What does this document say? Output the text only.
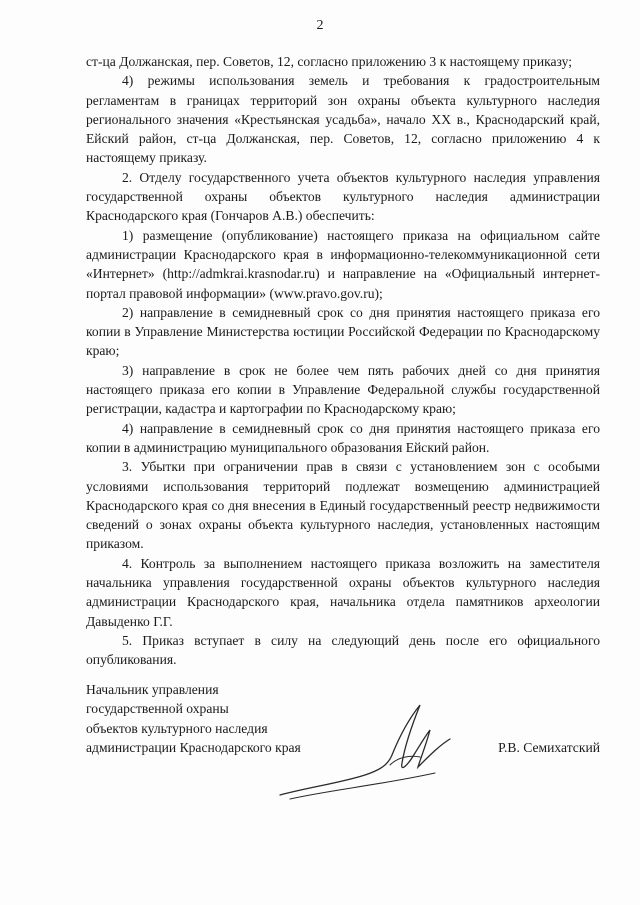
2

ст-ца Должанская, пер. Советов, 12, согласно приложению 3 к настоящему приказу;

4) режимы использования земель и требования к градостроительным регламентам в границах территорий зон охраны объекта культурного наследия регионального значения «Крестьянская усадьба», начало XX в., Краснодарский край, Ейский район, ст-ца Должанская, пер. Советов, 12, согласно приложению 4 к настоящему приказу.

2. Отделу государственного учета объектов культурного наследия управления государственной охраны объектов культурного наследия администрации Краснодарского края (Гончаров А.В.) обеспечить:

1) размещение (опубликование) настоящего приказа на официальном сайте администрации Краснодарского края в информационно-телекоммуникационной сети «Интернет» (http://admkrai.krasnodar.ru) и направление на «Официальный интернет-портал правовой информации» (www.pravo.gov.ru);

2) направление в семидневный срок со дня принятия настоящего приказа его копии в Управление Министерства юстиции Российской Федерации по Краснодарскому краю;

3) направление в срок не более чем пять рабочих дней со дня принятия настоящего приказа его копии в Управление Федеральной службы государственной регистрации, кадастра и картографии по Краснодарскому краю;

4) направление в семидневный срок со дня принятия настоящего приказа его копии в администрацию муниципального образования Ейский район.

3. Убытки при ограничении прав в связи с установлением зон с особыми условиями использования территорий подлежат возмещению администрацией Краснодарского края со дня внесения в Единый государственный реестр недвижимости сведений о зонах охраны объекта культурного наследия, установленных настоящим приказом.

4. Контроль за выполнением настоящего приказа возложить на заместителя начальника управления государственной охраны объектов культурного наследия администрации Краснодарского края, начальника отдела памятников археологии Давыденко Г.Г.

5. Приказ вступает в силу на следующий день после его официального опубликования.

Начальник управления

государственной охраны

объектов культурного наследия

администрации Краснодарского края	Р.В. Семихатский
